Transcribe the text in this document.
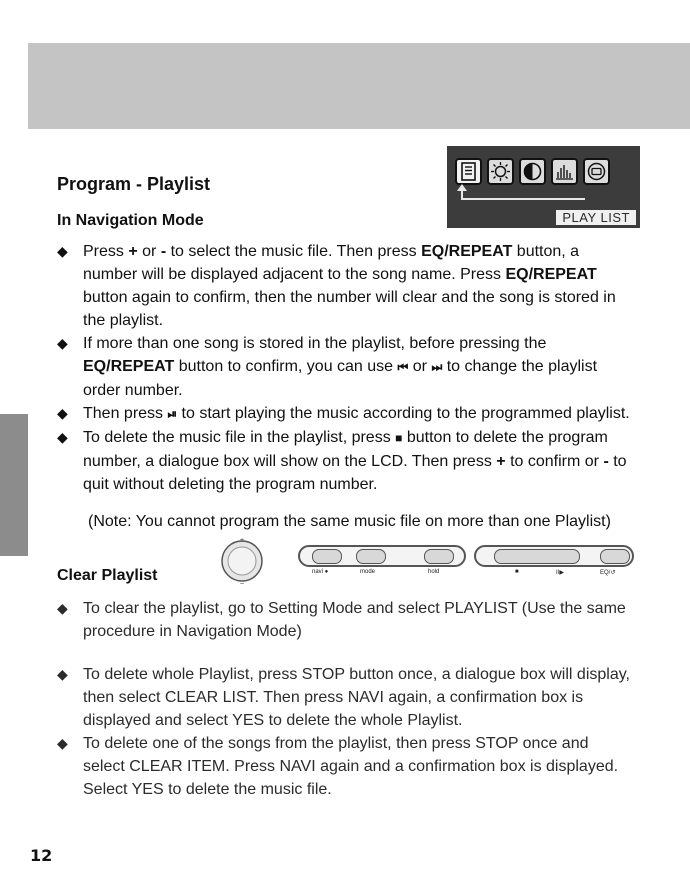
Program - Playlist
In Navigation Mode	PLAY LIST
◆ Press + or - to select the music file. Then press EQ/REPEAT button, a number will be displayed adjacent to the song name. Press EQ/REPEAT button again to confirm, then the number will clear and the song is stored in the playlist.
◆ If more than one song is stored in the playlist, before pressing the EQ/REPEAT button to confirm, you can use ⏮ or ⏭ to change the playlist order number.
◆ Then press ⏯ to start playing the music according to the programmed playlist.
◆ To delete the music file in the playlist, press ■ button to delete the program number, a dialogue box will show on the LCD. Then press + to confirm or - to quit without deleting the program number.

(Note: You cannot program the same music file on more than one Playlist)

Clear Playlist
+
−
navi ●	mode	hold	■	II▶	EQ/↺
◆ To clear the playlist, go to Setting Mode and select PLAYLIST (Use the same procedure in Navigation Mode)
◆ To delete whole Playlist, press STOP button once, a dialogue box will display, then select CLEAR LIST. Then press NAVI again, a confirmation box is displayed and select YES to delete the whole Playlist.
◆ To delete one of the songs from the playlist, then press STOP once and select CLEAR ITEM. Press NAVI again and a confirmation box is displayed. Select YES to delete the music file.

12
